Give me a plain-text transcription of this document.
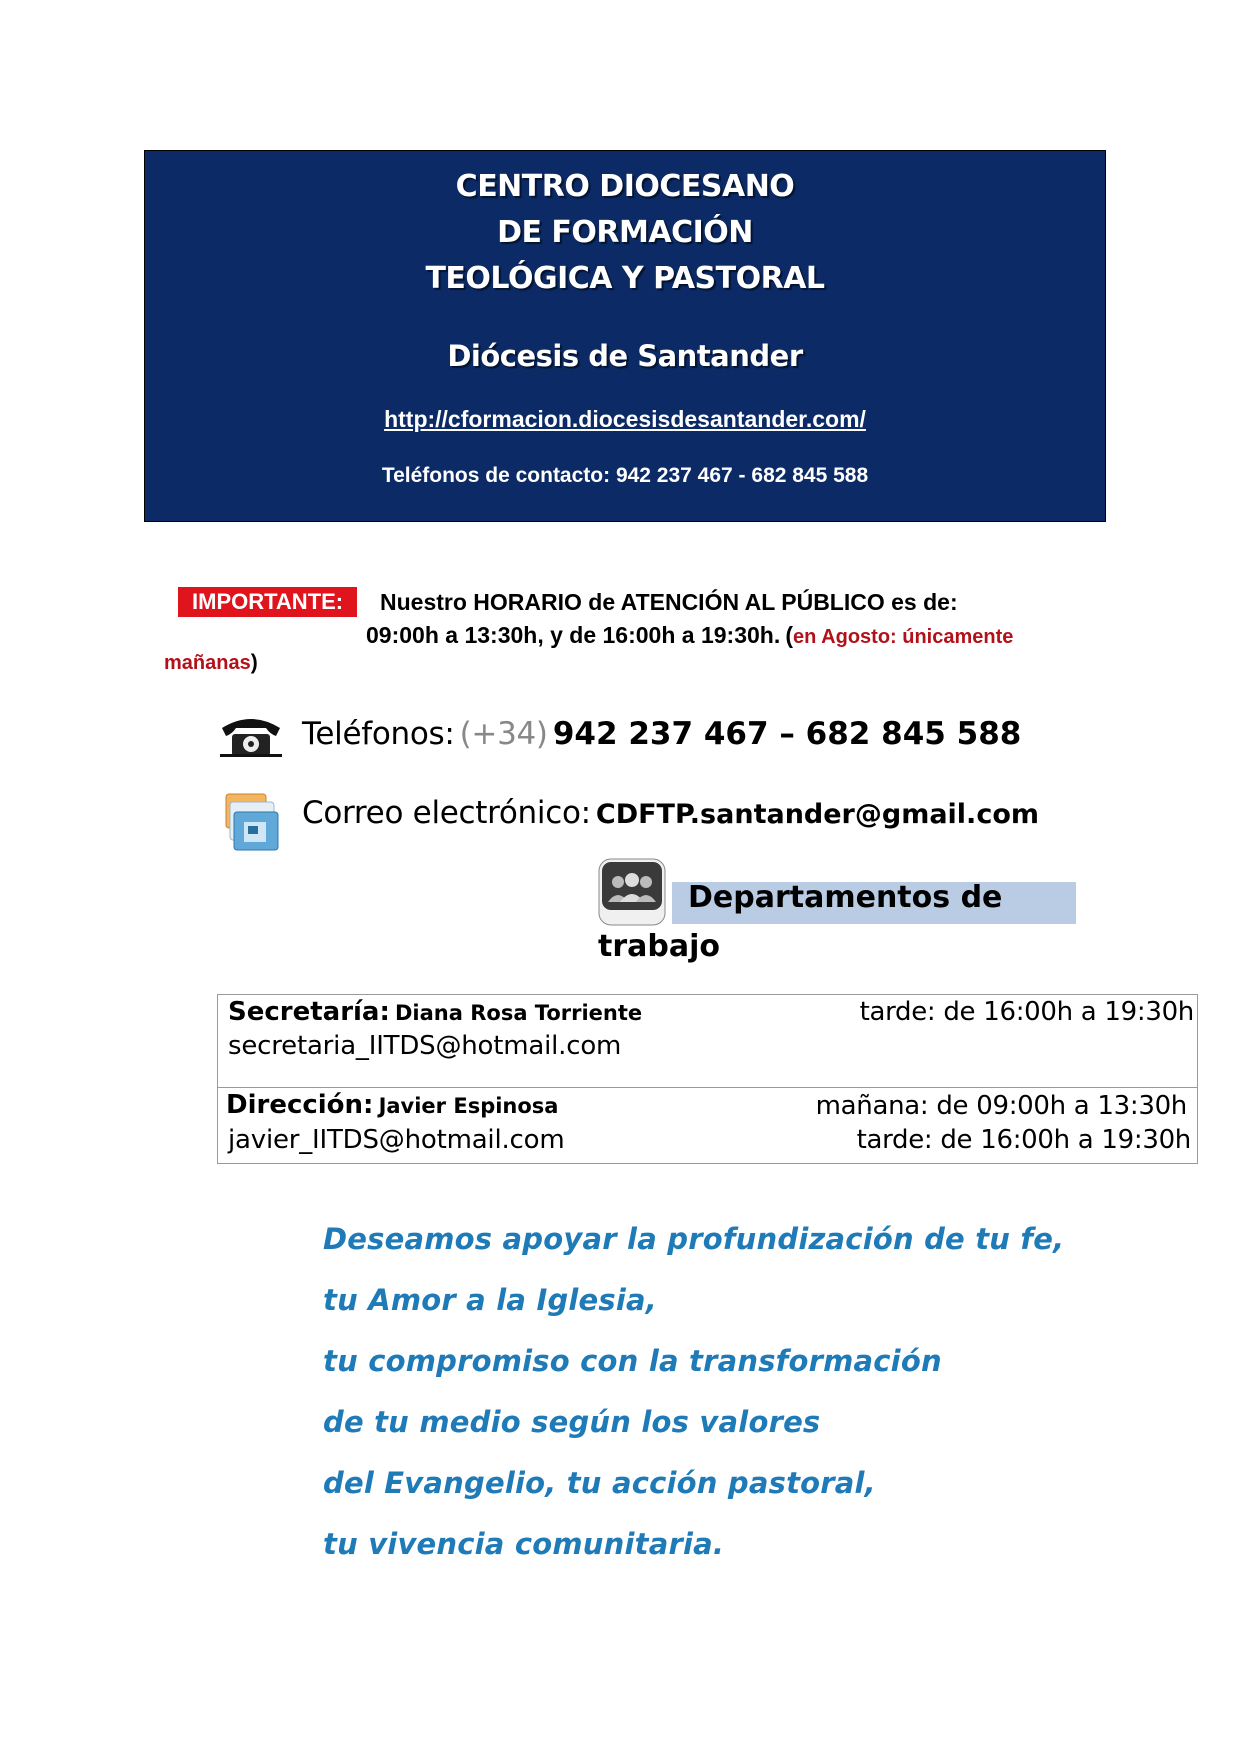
CENTRO DIOCESANO
DE FORMACIÓN
TEOLÓGICA Y PASTORAL
Diócesis de Santander
http://cformacion.diocesisdesantander.com/
Teléfonos de contacto: 942 237 467 - 682 845 588
IMPORTANTE:	Nuestro HORARIO de ATENCIÓN AL PÚBLICO es de:
09:00h a 13:30h, y de 16:00h a 19:30h. (en Agosto: únicamente
mañanas)
Teléfonos: (+34) 942 237 467 – 682 845 588
Correo electrónico: CDFTP.santander@gmail.com
Departamentos de
trabajo
Secretaría: Diana Rosa Torriente
secretaria_IITDS@hotmail.com
tarde: de 16:00h a 19:30h
Dirección: Javier Espinosa
javier_IITDS@hotmail.com
mañana: de 09:00h a 13:30h
tarde: de 16:00h a 19:30h
Deseamos apoyar la profundización de tu fe,
tu Amor a la Iglesia,
tu compromiso con la transformación
de tu medio según los valores
del Evangelio, tu acción pastoral,
tu vivencia comunitaria.
